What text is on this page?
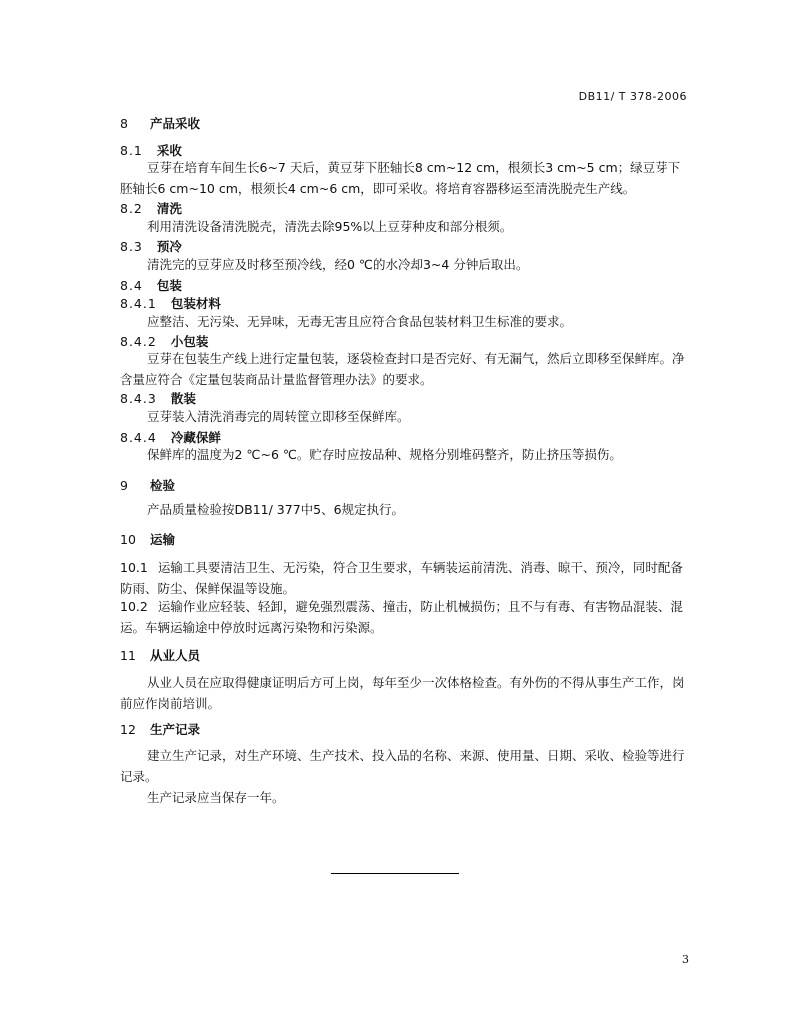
DB11/ T 378-2006
8 产品采收
8.1 采收
豆芽在培育车间生长6~7 天后，黄豆芽下胚轴长8 cm~12 cm，根须长3 cm~5 cm；绿豆芽下胚轴长6 cm~10 cm，根须长4 cm~6 cm，即可采收。将培育容器移运至清洗脱壳生产线。
8.2 清洗
利用清洗设备清洗脱壳，清洗去除95%以上豆芽种皮和部分根须。
8.3 预冷
清洗完的豆芽应及时移至预冷线，经0 ℃的水冷却3~4 分钟后取出。
8.4 包装
8.4.1 包装材料
应整洁、无污染、无异味，无毒无害且应符合食品包装材料卫生标准的要求。
8.4.2 小包装
豆芽在包装生产线上进行定量包装，逐袋检查封口是否完好、有无漏气，然后立即移至保鲜库。净含量应符合《定量包装商品计量监督管理办法》的要求。
8.4.3 散装
豆芽装入清洗消毒完的周转筐立即移至保鲜库。
8.4.4 冷藏保鲜
保鲜库的温度为2 ℃~6 ℃。贮存时应按品种、规格分别堆码整齐，防止挤压等损伤。
9 检验
产品质量检验按DB11/ 377中5、6规定执行。
10 运输
10.1 运输工具要清洁卫生、无污染，符合卫生要求，车辆装运前清洗、消毒、晾干、预冷，同时配备防雨、防尘、保鲜保温等设施。
10.2 运输作业应轻装、轻卸，避免强烈震荡、撞击，防止机械损伤；且不与有毒、有害物品混装、混运。车辆运输途中停放时远离污染物和污染源。
11 从业人员
从业人员在应取得健康证明后方可上岗，每年至少一次体格检查。有外伤的不得从事生产工作，岗前应作岗前培训。
12 生产记录
建立生产记录，对生产环境、生产技术、投入品的名称、来源、使用量、日期、采收、检验等进行记录。
生产记录应当保存一年。
3
